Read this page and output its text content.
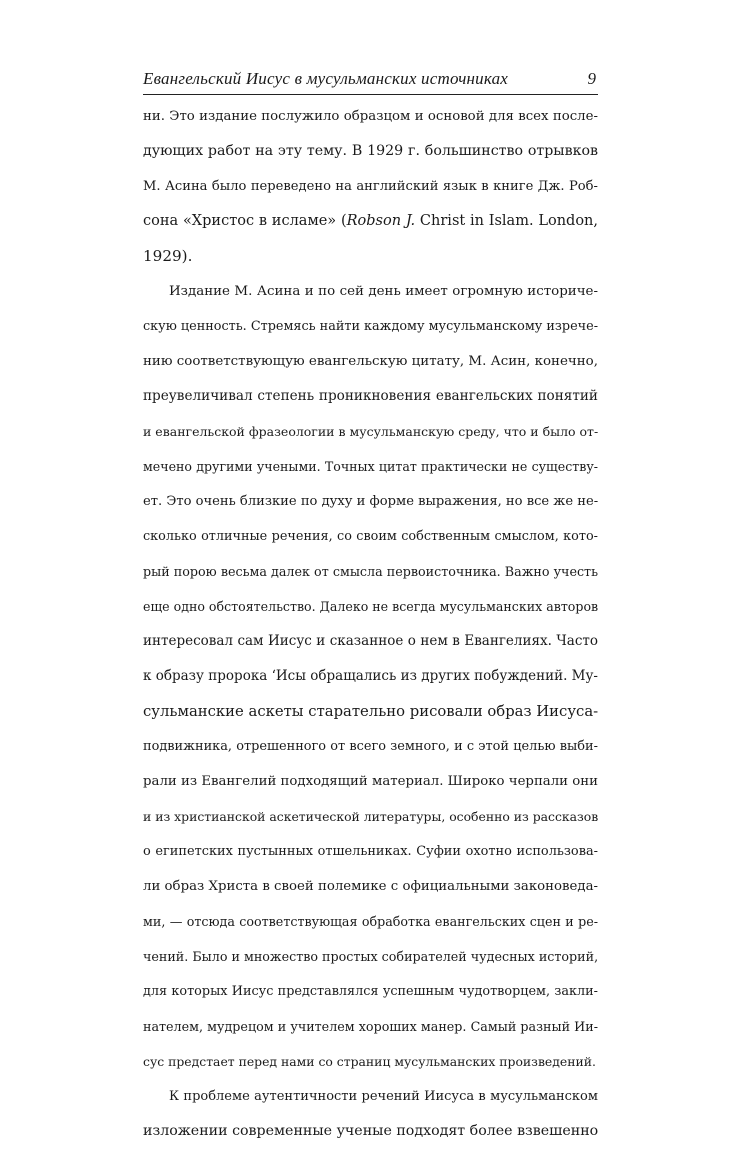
Евангельский Иисус в мусульманских источниках	9
ни. Это издание послужило образцом и основой для всех после-
дующих работ на эту тему. В 1929 г. большинство отрывков
М. Асина было переведено на английский язык в книге Дж. Роб-
сона «Христос в исламе» (Robson J. Christ in Islam. London,
1929).
Издание М. Асина и по сей день имеет огромную историче-
скую ценность. Стремясь найти каждому мусульманскому изрече-
нию соответствующую евангельскую цитату, М. Асин, конечно,
преувеличивал степень проникновения евангельских понятий
и евангельской фразеологии в мусульманскую среду, что и было от-
мечено другими учеными. Точных цитат практически не существу-
ет. Это очень близкие по духу и форме выражения, но все же не-
сколько отличные речения, со своим собственным смыслом, кото-
рый порою весьма далек от смысла первоисточника. Важно учесть
еще одно обстоятельство. Далеко не всегда мусульманских авторов
интересовал сам Иисус и сказанное о нем в Евангелиях. Часто
к образу пророка ‘Исы обращались из других побуждений. Му-
сульманские аскеты старательно рисовали образ Иисуса-
подвижника, отрешенного от всего земного, и с этой целью выби-
рали из Евангелий подходящий материал. Широко черпали они
и из христианской аскетической литературы, особенно из рассказов
о египетских пустынных отшельниках. Суфии охотно использова-
ли образ Христа в своей полемике с официальными законоведа-
ми, — отсюда соответствующая обработка евангельских сцен и ре-
чений. Было и множество простых собирателей чудесных историй,
для которых Иисус представлялся успешным чудотворцем, закли-
нателем, мудрецом и учителем хороших манер. Самый разный Ии-
сус предстает перед нами со страниц мусульманских произведений.
К проблеме аутентичности речений Иисуса в мусульманском
изложении современные ученые подходят более взвешенно
